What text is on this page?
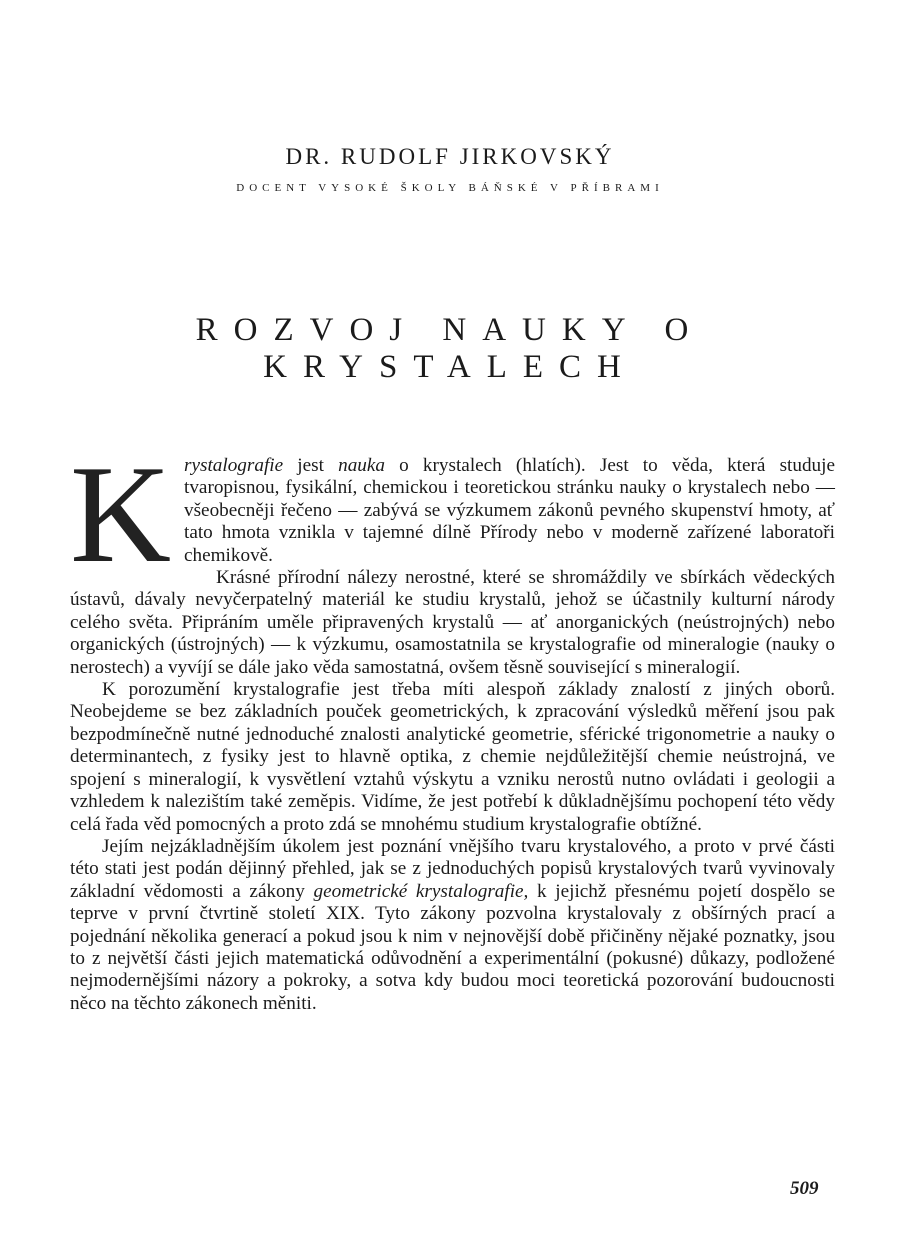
DR. RUDOLF JIRKOVSKÝ
DOCENT VYSOKÉ ŠKOLY BÁŇSKÉ V PŘÍBRAMI
ROZVOJ NAUKY O KRYSTALECH

Krystalografie jest nauka o krystalech (hlatích). Jest to věda, která studuje tvaropisnou, fysikální, chemickou i teoretickou stránku nauky o krystalech nebo — všeobecněji řečeno — zabývá se výzkumem zákonů pevného skupenství hmoty, ať tato hmota vznikla v tajemné dílně Přírody nebo v moderně zařízené laboratoři chemikově.

Krásné přírodní nálezy nerostné, které se shromáždily ve sbírkách vědeckých ústavů, dávaly nevyčerpatelný materiál ke studiu krystalů, jehož se účastnily kulturní národy celého světa. Připráním uměle připravených krystalů — ať anorganických (neústrojných) nebo organických (ústrojných) — k výzkumu, osamostatnila se krystalografie od mineralogie (nauky o nerostech) a vyvíjí se dále jako věda samostatná, ovšem těsně související s mineralogií.

K porozumění krystalografie jest třeba míti alespoň základy znalostí z jiných oborů. Neobejdeme se bez základních pouček geometrických, k zpracování výsledků měření jsou pak bezpodmínečně nutné jednoduché znalosti analytické geometrie, sférické trigonometrie a nauky o determinantech, z fysiky jest to hlavně optika, z chemie nejdůležitější chemie neústrojná, ve spojení s mineralogií, k vysvětlení vztahů výskytu a vzniku nerostů nutno ovládati i geologii a vzhledem k nalezištím také zeměpis. Vidíme, že jest potřebí k důkladnějšímu pochopení této vědy celá řada věd pomocných a proto zdá se mnohému studium krystalografie obtížné.

Jejím nejzákladnějším úkolem jest poznání vnějšího tvaru krystalového, a proto v prvé části této stati jest podán dějinný přehled, jak se z jednoduchých popisů krystalových tvarů vyvinovaly základní vědomosti a zákony geometrické krystalografie, k jejichž přesnému pojetí dospělo se teprve v první čtvrtině století XIX. Tyto zákony pozvolna krystalovaly z obšírných prací a pojednání několika generací a pokud jsou k nim v nejnovější době přičiněny nějaké poznatky, jsou to z největší části jejich matematická odůvodnění a experimentální (pokusné) důkazy, podložené nejmodernějšími názory a pokroky, a sotva kdy budou moci teoretická pozorování budoucnosti něco na těchto zákonech měniti.

509
